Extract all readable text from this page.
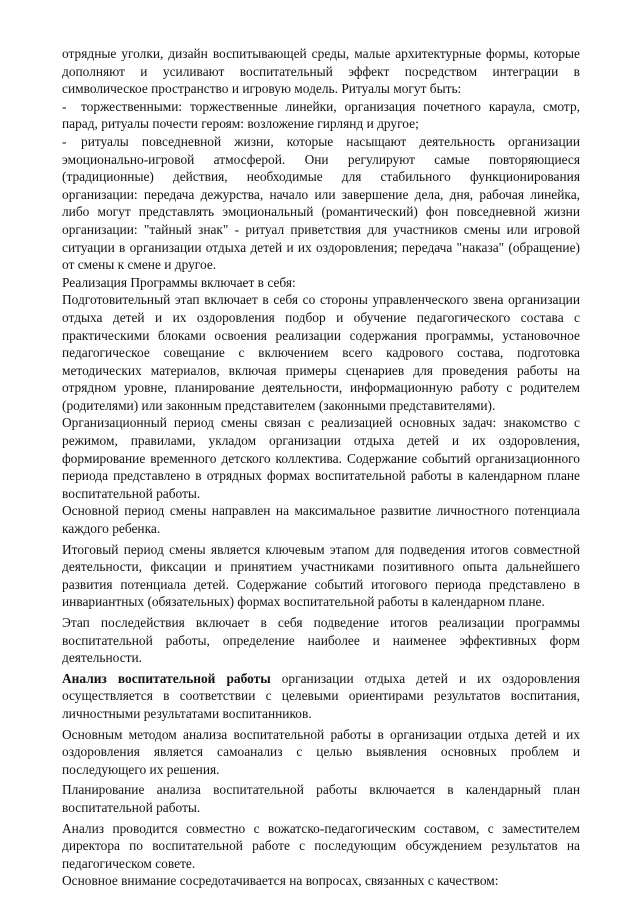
отрядные уголки, дизайн воспитывающей среды, малые архитектурные формы, которые дополняют и усиливают воспитательный эффект посредством интеграции в символическое пространство и игровую модель. Ритуалы могут быть:

- торжественными: торжественные линейки, организация почетного караула, смотр, парад, ритуалы почести героям: возложение гирлянд и другое;

- ритуалы повседневной жизни, которые насыщают деятельность организации эмоционально-игровой атмосферой. Они регулируют самые повторяющиеся (традиционные) действия, необходимые для стабильного функционирования организации: передача дежурства, начало или завершение дела, дня, рабочая линейка, либо могут представлять эмоциональный (романтический) фон повседневной жизни организации: "тайный знак" - ритуал приветствия для участников смены или игровой ситуации в организации отдыха детей и их оздоровления; передача "наказа" (обращение) от смены к смене и другое.

Реализация Программы включает в себя:

Подготовительный этап включает в себя со стороны управленческого звена организации отдыха детей и их оздоровления подбор и обучение педагогического состава с практическими блоками освоения реализации содержания программы, установочное педагогическое совещание с включением всего кадрового состава, подготовка методических материалов, включая примеры сценариев для проведения работы на отрядном уровне, планирование деятельности, информационную работу с родителем (родителями) или законным представителем (законными представителями).

Организационный период смены связан с реализацией основных задач: знакомство с режимом, правилами, укладом организации отдыха детей и их оздоровления, формирование временного детского коллектива. Содержание событий организационного периода представлено в отрядных формах воспитательной работы в календарном плане воспитательной работы.

Основной период смены направлен на максимальное развитие личностного потенциала каждого ребенка.

Итоговый период смены является ключевым этапом для подведения итогов совместной деятельности, фиксации и принятием участниками позитивного опыта дальнейшего развития потенциала детей. Содержание событий итогового периода представлено в инвариантных (обязательных) формах воспитательной работы в календарном плане.

Этап последействия включает в себя подведение итогов реализации программы воспитательной работы, определение наиболее и наименее эффективных форм деятельности.

Анализ воспитательной работы организации отдыха детей и их оздоровления осуществляется в соответствии с целевыми ориентирами результатов воспитания, личностными результатами воспитанников.

Основным методом анализа воспитательной работы в организации отдыха детей и их оздоровления является самоанализ с целью выявления основных проблем и последующего их решения.

Планирование анализа воспитательной работы включается в календарный план воспитательной работы.

Анализ проводится совместно с вожатско-педагогическим составом, с заместителем директора по воспитательной работе с последующим обсуждением результатов на педагогическом совете.

Основное внимание сосредотачивается на вопросах, связанных с качеством:
